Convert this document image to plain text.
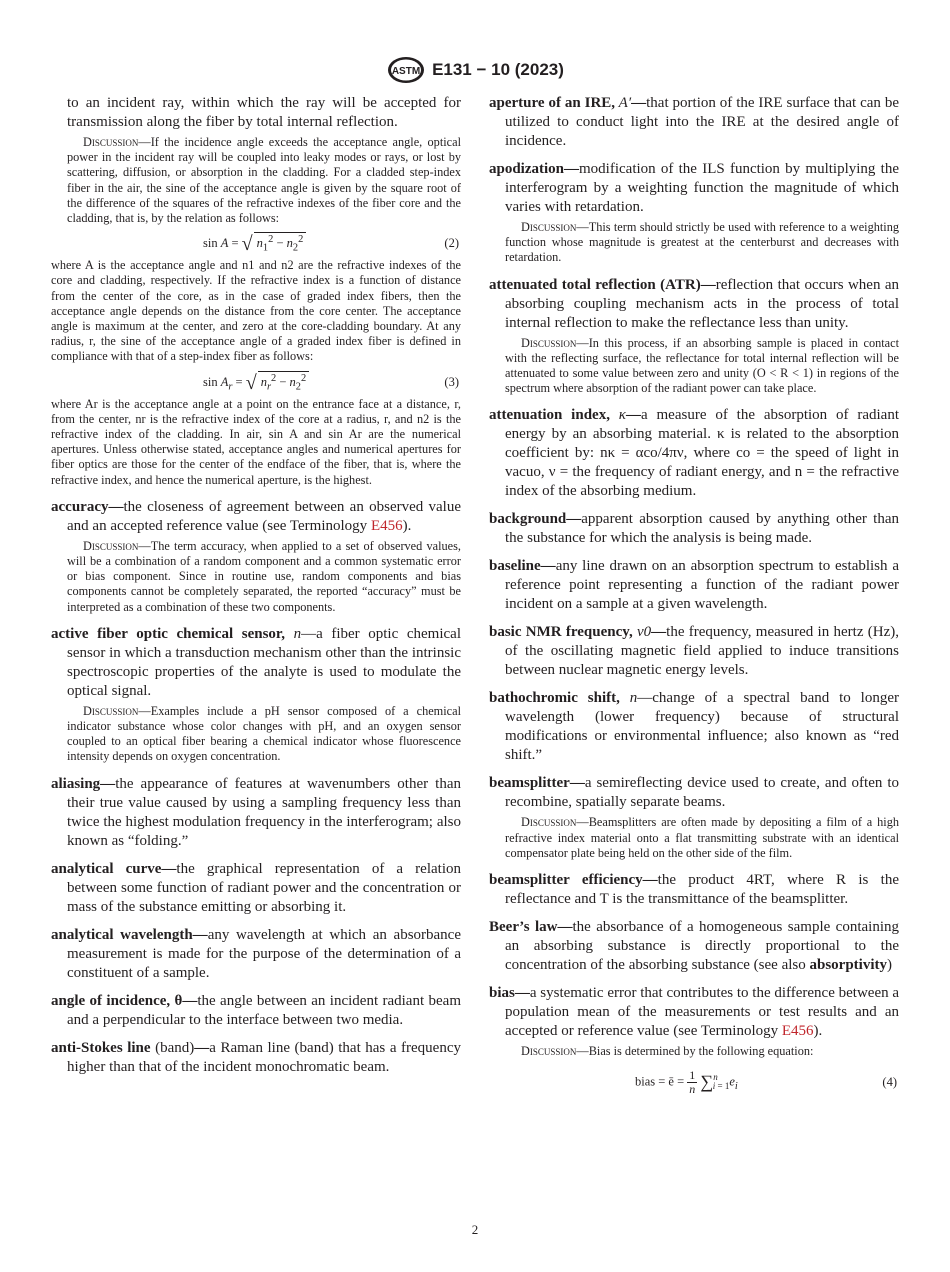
ASTM E131 − 10 (2023)

to an incident ray, within which the ray will be accepted for transmission along the fiber by total internal reflection.

Discussion—If the incidence angle exceeds the acceptance angle, optical power in the incident ray will be coupled into leaky modes or rays, or lost by scattering, diffusion, or absorption in the cladding. For a cladded step-index fiber in the air, the sine of the acceptance angle is given by the square root of the difference of the squares of the refractive indexes of the fiber core and the cladding, that is, by the relation as follows:

sin A = √ $n_1^2 - n_2^2$	(2)

where A is the acceptance angle and n1 and n2 are the refractive indexes of the core and cladding, respectively. If the refractive index is a function of distance from the center of the core, as in the case of graded index fibers, then the acceptance angle depends on the distance from the core center. The acceptance angle is maximum at the center, and zero at the core-cladding boundary. At any radius, r, the sine of the acceptance angle of a graded index fiber is defined in compliance with that of a step-index fiber as follows:

$\sin A_r$ = √ $n_r^2 - n_2^2$	(3)

where Ar is the acceptance angle at a point on the entrance face at a distance, r, from the center, nr is the refractive index of the core at a radius, r, and n2 is the refractive index of the cladding. In air, sin A and sin Ar are the numerical apertures. Unless otherwise stated, acceptance angles and numerical apertures for fiber optics are those for the center of the endface of the fiber, that is, where the refractive index, and hence the numerical aperture, is the highest.

accuracy—the closeness of agreement between an observed value and an accepted reference value (see Terminology E456).

Discussion—The term accuracy, when applied to a set of observed values, will be a combination of a random component and a common systematic error or bias component. Since in routine use, random components and bias components cannot be completely separated, the reported “accuracy” must be interpreted as a combination of these two components.

active fiber optic chemical sensor, n—a fiber optic chemical sensor in which a transduction mechanism other than the intrinsic spectroscopic properties of the analyte is used to modulate the optical signal.

Discussion—Examples include a pH sensor composed of a chemical indicator substance whose color changes with pH, and an oxygen sensor coupled to an optical fiber bearing a chemical indicator whose fluorescence intensity depends on oxygen concentration.

aliasing—the appearance of features at wavenumbers other than their true value caused by using a sampling frequency less than twice the highest modulation frequency in the interferogram; also known as “folding.”

analytical curve—the graphical representation of a relation between some function of radiant power and the concentration or mass of the substance emitting or absorbing it.

analytical wavelength—any wavelength at which an absorbance measurement is made for the purpose of the determination of a constituent of a sample.

angle of incidence, θ—the angle between an incident radiant beam and a perpendicular to the interface between two media.

anti-Stokes line (band)—a Raman line (band) that has a frequency higher than that of the incident monochromatic beam.

aperture of an IRE, A′—that portion of the IRE surface that can be utilized to conduct light into the IRE at the desired angle of incidence.

apodization—modification of the ILS function by multiplying the interferogram by a weighting function the magnitude of which varies with retardation.

Discussion—This term should strictly be used with reference to a weighting function whose magnitude is greatest at the centerburst and decreases with retardation.

attenuated total reflection (ATR)—reflection that occurs when an absorbing coupling mechanism acts in the process of total internal reflection to make the reflectance less than unity.

Discussion—In this process, if an absorbing sample is placed in contact with the reflecting surface, the reflectance for total internal reflection will be attenuated to some value between zero and unity (O < R < 1) in regions of the spectrum where absorption of the radiant power can take place.

attenuation index, κ—a measure of the absorption of radiant energy by an absorbing material. κ is related to the absorption coefficient by: nκ = αco/4πν, where co = the speed of light in vacuo, ν = the frequency of radiant energy, and n = the refractive index of the absorbing medium.

background—apparent absorption caused by anything other than the substance for which the analysis is being made.

baseline—any line drawn on an absorption spectrum to establish a reference point representing a function of the radiant power incident on a sample at a given wavelength.

basic NMR frequency, ν0—the frequency, measured in hertz (Hz), of the oscillating magnetic field applied to induce transitions between nuclear magnetic energy levels.

bathochromic shift, n—change of a spectral band to longer wavelength (lower frequency) because of structural modifications or environmental influence; also known as “red shift.”

beamsplitter—a semireflecting device used to create, and often to recombine, spatially separate beams.

Discussion—Beamsplitters are often made by depositing a film of a high refractive index material onto a flat transmitting substrate with an identical compensator plate being held on the other side of the film.

beamsplitter efficiency—the product 4RT, where R is the reflectance and T is the transmittance of the beamsplitter.

Beer’s law—the absorbance of a homogeneous sample containing an absorbing substance is directly proportional to the concentration of the absorbing substance (see also absorptivity)

bias—a systematic error that contributes to the difference between a population mean of the measurements or test results and an accepted or reference value (see Terminology E456).

Discussion—Bias is determined by the following equation:

bias = ē = $\frac{1}{n} \sum^n_{i = 1}e_i$	(4)
2
